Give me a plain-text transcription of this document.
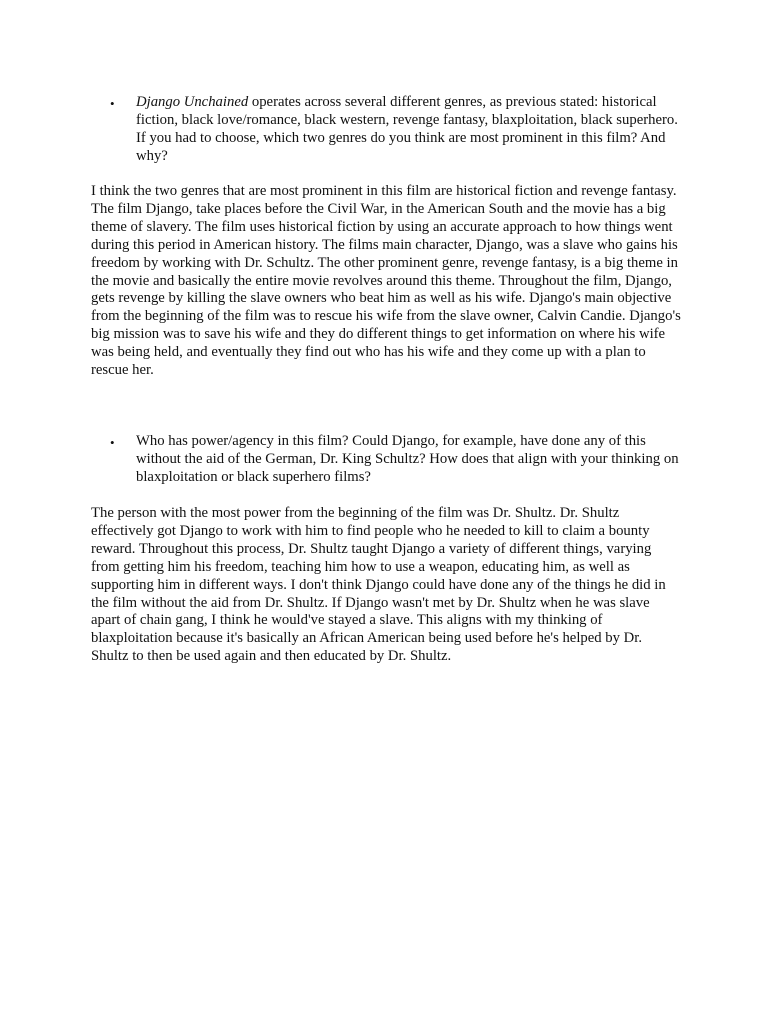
• Django Unchained operates across several different genres, as previous stated: historical fiction, black love/romance, black western, revenge fantasy, blaxploitation, black superhero. If you had to choose, which two genres do you think are most prominent in this film? And why?

I think the two genres that are most prominent in this film are historical fiction and revenge fantasy. The film Django, take places before the Civil War, in the American South and the movie has a big theme of slavery. The film uses historical fiction by using an accurate approach to how things went during this period in American history. The films main character, Django, was a slave who gains his freedom by working with Dr. Schultz. The other prominent genre, revenge fantasy, is a big theme in the movie and basically the entire movie revolves around this theme. Throughout the film, Django, gets revenge by killing the slave owners who beat him as well as his wife. Django's main objective from the beginning of the film was to rescue his wife from the slave owner, Calvin Candie. Django's big mission was to save his wife and they do different things to get information on where his wife was being held, and eventually they find out who has his wife and they come up with a plan to rescue her.

• Who has power/agency in this film? Could Django, for example, have done any of this without the aid of the German, Dr. King Schultz? How does that align with your thinking on blaxploitation or black superhero films?

The person with the most power from the beginning of the film was Dr. Shultz. Dr. Shultz effectively got Django to work with him to find people who he needed to kill to claim a bounty reward. Throughout this process, Dr. Shultz taught Django a variety of different things, varying from getting him his freedom, teaching him how to use a weapon, educating him, as well as supporting him in different ways. I don't think Django could have done any of the things he did in the film without the aid from Dr. Shultz. If Django wasn't met by Dr. Shultz when he was slave apart of chain gang, I think he would've stayed a slave. This aligns with my thinking of blaxploitation because it's basically an African American being used before he's helped by Dr. Shultz to then be used again and then educated by Dr. Shultz.
